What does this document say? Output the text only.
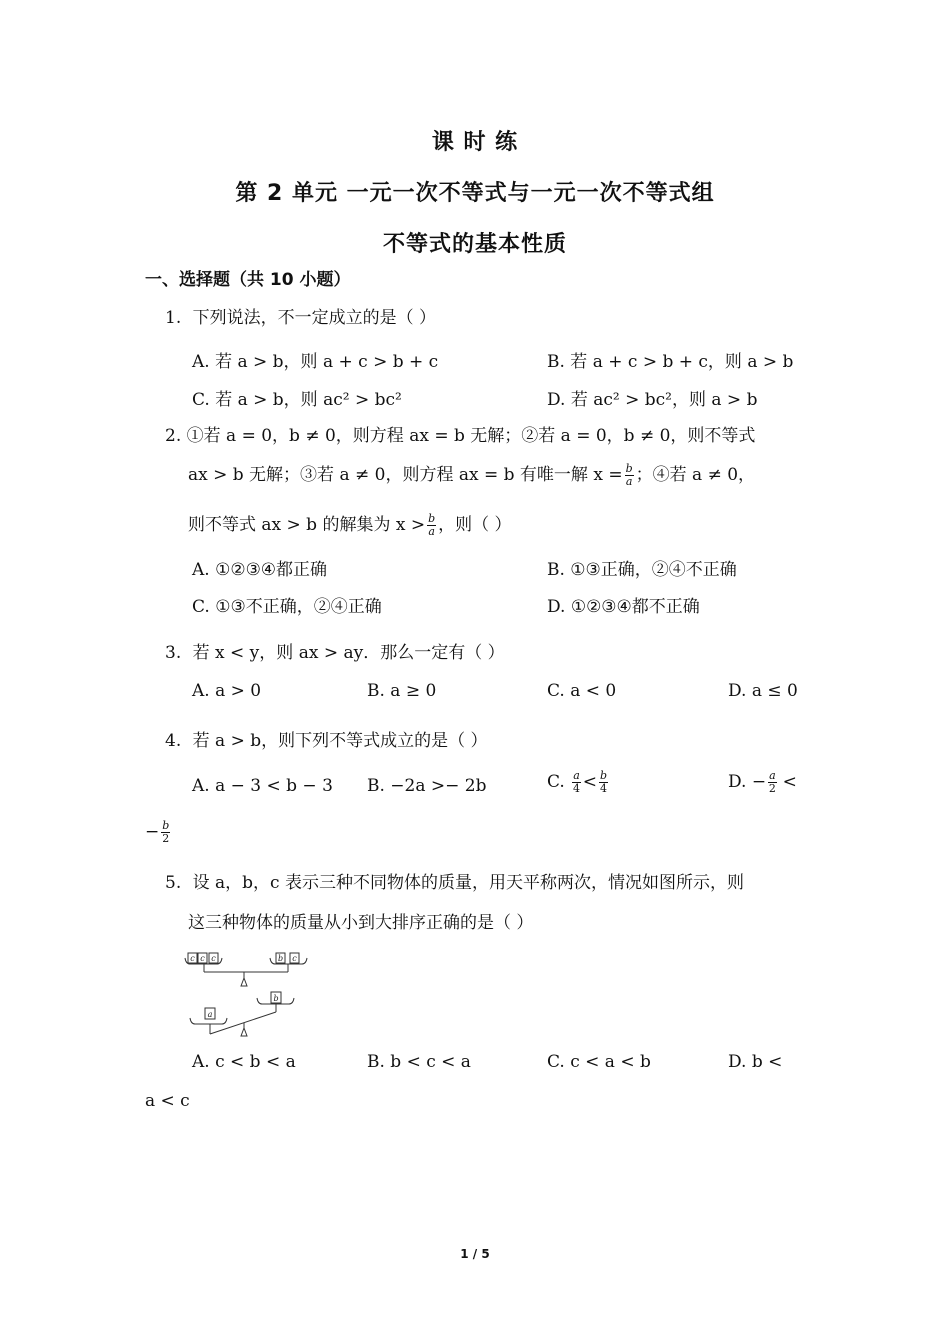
课 时 练
第 2 单元 一元一次不等式与一元一次不等式组
不等式的基本性质
一、选择题（共 10 小题）
1. 下列说法，不一定成立的是（ ）
A. 若 a > b，则 a + c > b + c	B. 若 a + c > b + c，则 a > b
C. 若 a > b，则 ac² > bc²	D. 若 ac² > bc²，则 a > b
2. ①若 a = 0，b ≠ 0，则方程 ax = b 无解；②若 a = 0，b ≠ 0，则不等式
ax > b 无解；③若 a ≠ 0，则方程 ax = b 有唯一解 $x = \frac{b}{a}$ ；④若 a ≠ 0，
则不等式 ax > b 的解集为 $x > \frac{b}{a}$ ，则（ ）
A. ①②③④都正确	B. ①③正确，②④不正确
C. ①③不正确，②④正确	D. ①②③④都不正确
3. 若 x < y，则 ax > ay．那么一定有（ ）
A. a > 0	B. a ≥ 0	C. a < 0	D. a ≤ 0
4. 若 a > b，则下列不等式成立的是（ ）
A. a − 3 < b − 3 B. −2a >− 2b	C. $\frac{a}{4} < \frac{b}{4}$	D. − $\frac{a}{2}$ <
− $\frac{b}{2}$
5. 设 a，b，c 表示三种不同物体的质量，用天平称两次，情况如图所示，则
这三种物体的质量从小到大排序正确的是（ ）
c c c	b c
a
b
A. c < b < a	B. b < c < a	C. c < a < b	D. b <
a < c
1 / 5
